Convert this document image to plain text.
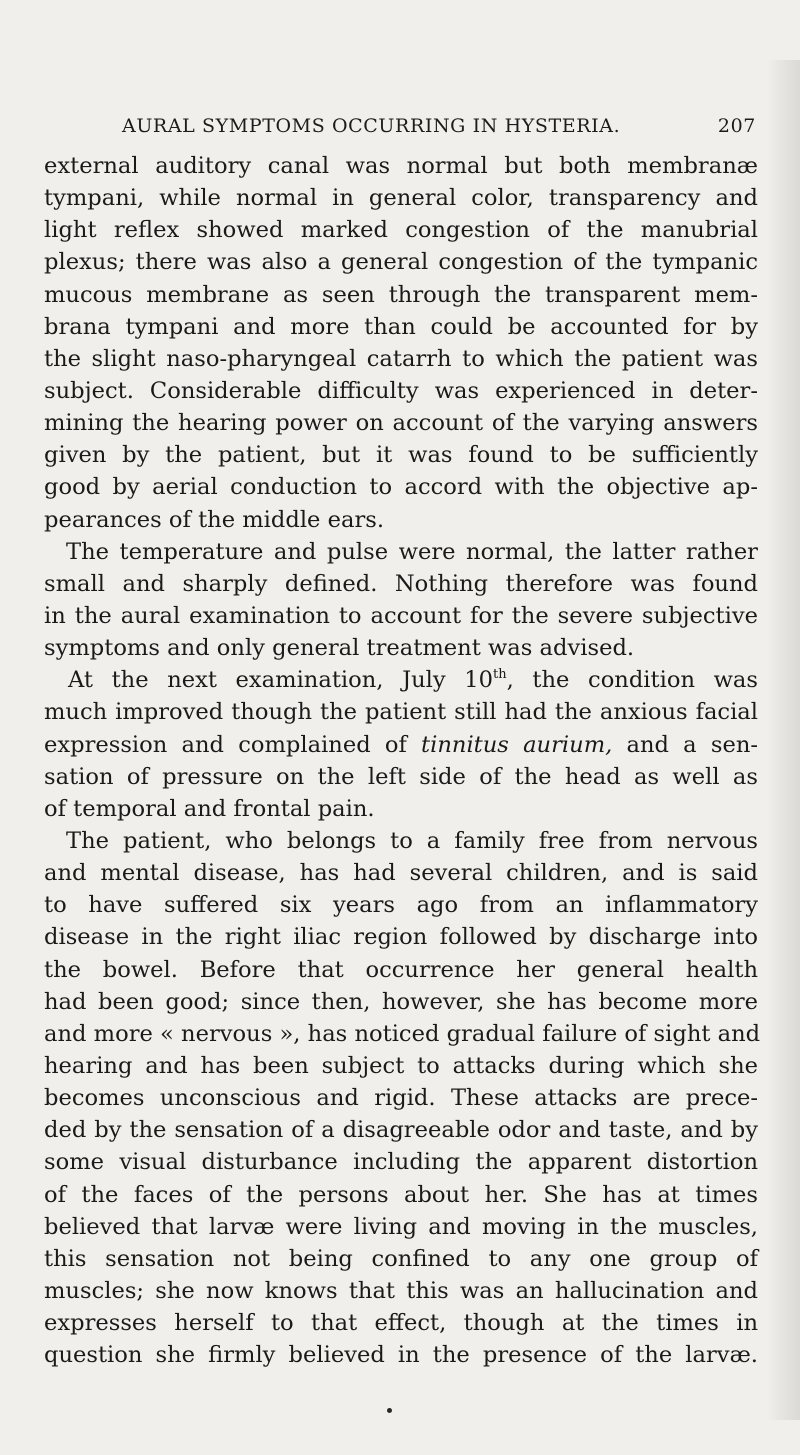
AURAL SYMPTOMS OCCURRING IN HYSTERIA.	207
external auditory canal was normal but both membranæ
tympani, while normal in general color, transparency and
light reflex showed marked congestion of the manubrial
plexus; there was also a general congestion of the tympanic
mucous membrane as seen through the transparent mem-
brana tympani and more than could be accounted for by
the slight naso-pharyngeal catarrh to which the patient was
subject. Considerable difficulty was experienced in deter-
mining the hearing power on account of the varying answers
given by the patient, but it was found to be sufficiently
good by aerial conduction to accord with the objective ap-
pearances of the middle ears.
The temperature and pulse were normal, the latter rather
small and sharply defined. Nothing therefore was found
in the aural examination to account for the severe subjective
symptoms and only general treatment was advised.
At the next examination, July 10th, the condition was
much improved though the patient still had the anxious facial
expression and complained of tinnitus aurium, and a sen-
sation of pressure on the left side of the head as well as
of temporal and frontal pain.
The patient, who belongs to a family free from nervous
and mental disease, has had several children, and is said
to have suffered six years ago from an inflammatory
disease in the right iliac region followed by discharge into
the bowel. Before that occurrence her general health
had been good; since then, however, she has become more
and more « nervous », has noticed gradual failure of sight and
hearing and has been subject to attacks during which she
becomes unconscious and rigid. These attacks are prece-
ded by the sensation of a disagreeable odor and taste, and by
some visual disturbance including the apparent distortion
of the faces of the persons about her. She has at times
believed that larvæ were living and moving in the muscles,
this sensation not being confined to any one group of
muscles; she now knows that this was an hallucination and
expresses herself to that effect, though at the times in
question she firmly believed in the presence of the larvæ.
